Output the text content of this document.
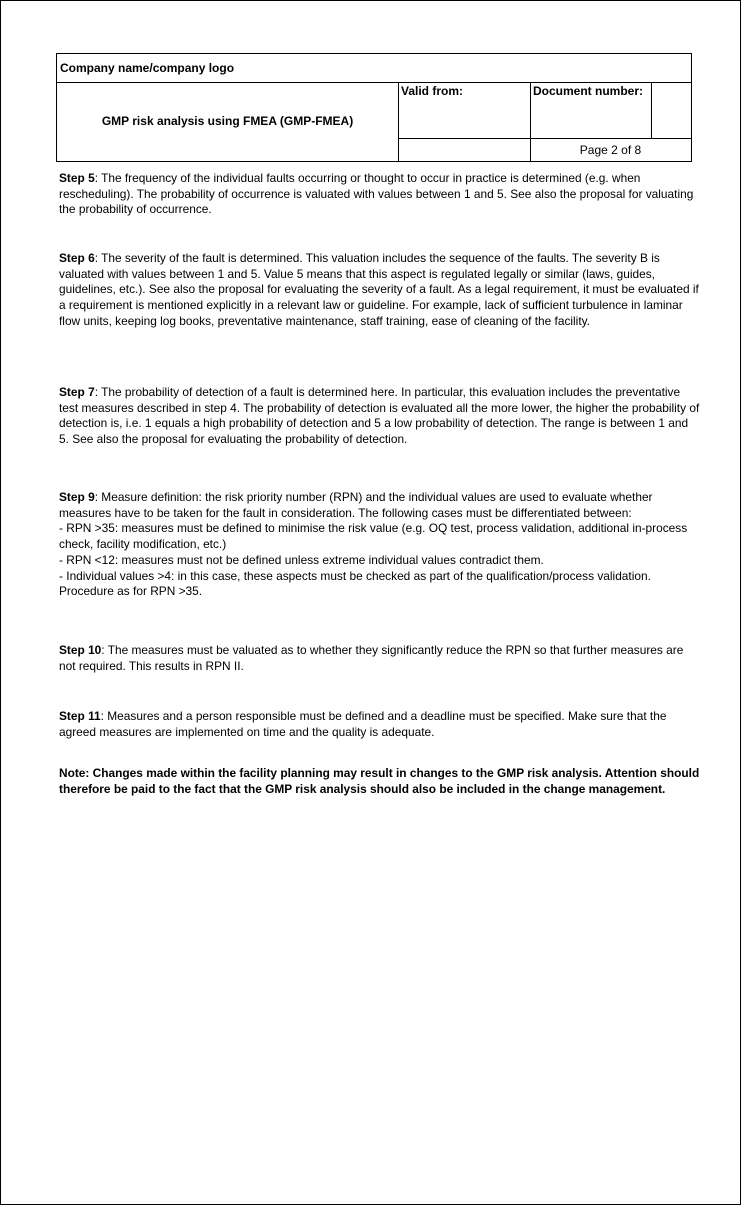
Company name/company logo
GMP risk analysis using FMEA (GMP-FMEA)
Valid from:	Document number:
Page 2 of 8

Step 5: The frequency of the individual faults occurring or thought to occur in practice is determined (e.g. when rescheduling). The probability of occurrence is valuated with values between 1 and 5. See also the proposal for valuating the probability of occurrence.

Step 6: The severity of the fault is determined. This valuation includes the sequence of the faults. The severity B is valuated with values between 1 and 5. Value 5 means that this aspect is regulated legally or similar (laws, guides, guidelines, etc.). See also the proposal for evaluating the severity of a fault. As a legal requirement, it must be evaluated if a requirement is mentioned explicitly in a relevant law or guideline. For example, lack of sufficient turbulence in laminar flow units, keeping log books, preventative maintenance, staff training, ease of cleaning of the facility.

Step 7: The probability of detection of a fault is determined here. In particular, this evaluation includes the preventative test measures described in step 4. The probability of detection is evaluated all the more lower, the higher the probability of detection is, i.e. 1 equals a high probability of detection and 5 a low probability of detection. The range is between 1 and 5. See also the proposal for evaluating the probability of detection.

Step 9: Measure definition: the risk priority number (RPN) and the individual values are used to evaluate whether measures have to be taken for the fault in consideration. The following cases must be differentiated between:
- RPN >35: measures must be defined to minimise the risk value (e.g. OQ test, process validation, additional in-process check, facility modification, etc.)
- RPN <12: measures must not be defined unless extreme individual values contradict them.
- Individual values >4: in this case, these aspects must be checked as part of the qualification/process validation. Procedure as for RPN >35.

Step 10: The measures must be valuated as to whether they significantly reduce the RPN so that further measures are not required. This results in RPN II.

Step 11: Measures and a person responsible must be defined and a deadline must be specified. Make sure that the agreed measures are implemented on time and the quality is adequate.

Note: Changes made within the facility planning may result in changes to the GMP risk analysis. Attention should therefore be paid to the fact that the GMP risk analysis should also be included in the change management.
